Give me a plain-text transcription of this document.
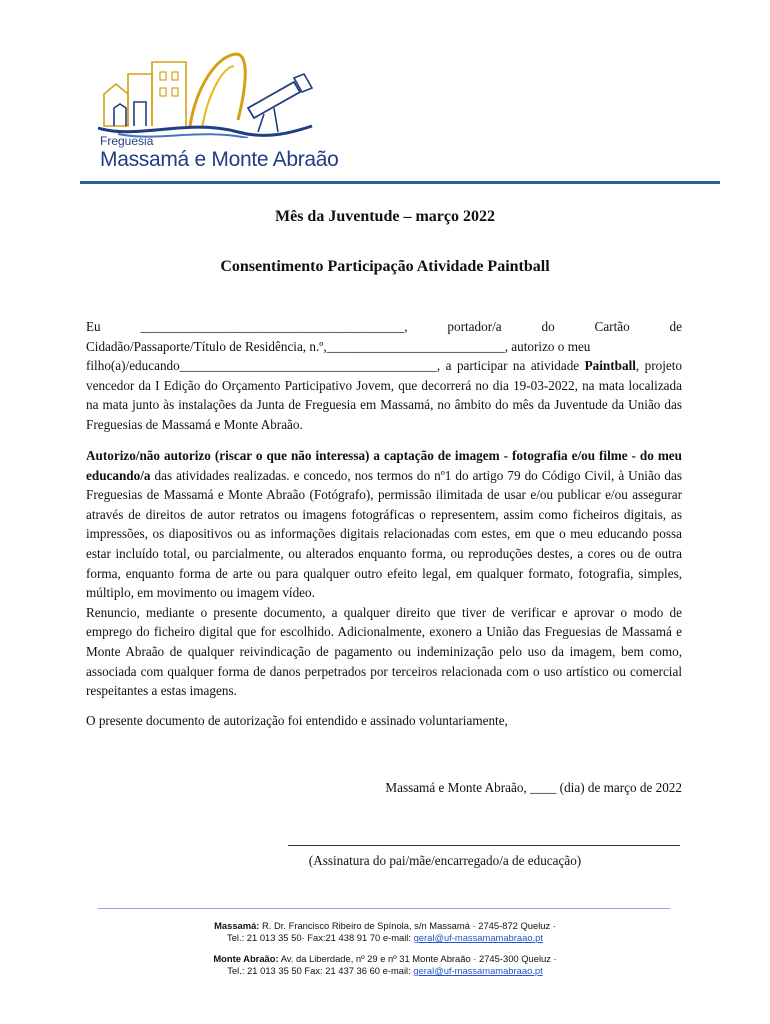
Freguesia
Massamá e Monte Abraão
Mês da Juventude – março 2022
Consentimento Participação Atividade Paintball
Eu	________________________________________,	portador/a	do	Cartão	de
Cidadão/Passaporte/Título de Residência, n.º,___________________________, autorizo o meu

filho(a)/educando_______________________________________, a participar na atividade Paintball, projeto vencedor da I Edição do Orçamento Participativo Jovem, que decorrerá no dia 19-03-2022, na mata localizada na mata junto às instalações da Junta de Freguesia em Massamá, no âmbito do mês da Juventude da União das Freguesias de Massamá e Monte Abraão.

Autorizo/não autorizo (riscar o que não interessa) a captação de imagem - fotografia e/ou filme - do meu educando/a das atividades realizadas. e concedo, nos termos do nº1 do artigo 79 do Código Civil, à União das Freguesias de Massamá e Monte Abraão (Fotógrafo), permissão ilimitada de usar e/ou publicar e/ou assegurar através de direitos de autor retratos ou imagens fotográficas o representem, assim como ficheiros digitais, as impressões, os diapositivos ou as informações digitais relacionadas com estes, em que o meu educando possa estar incluído total, ou parcialmente, ou alterados enquanto forma, ou reproduções destes, a cores ou de outra forma, enquanto forma de arte ou para qualquer outro efeito legal, em qualquer formato, fotografia, simples, múltiplo, em movimento ou imagem vídeo.

Renuncio, mediante o presente documento, a qualquer direito que tiver de verificar e aprovar o modo de emprego do ficheiro digital que for escolhido. Adicionalmente, exonero a União das Freguesias de Massamá e Monte Abraão de qualquer reivindicação de pagamento ou indeminização pelo uso da imagem, bem como, associada com qualquer forma de danos perpetrados por terceiros relacionada com o uso artístico ou comercial respeitantes a estas imagens.

O presente documento de autorização foi entendido e assinado voluntariamente,
Massamá e Monte Abraão, ____ (dia) de março de 2022
(Assinatura do pai/mãe/encarregado/a de educação)
Massamá: R. Dr. Francisco Ribeiro de Spínola, s/n Massamá · 2745-872 Queluz ·
Tel.: 21 013 35 50· Fax:21 438 91 70 e-mail: geral@uf-massamamabraao.pt
Monte Abraão: Av. da Liberdade, nº 29 e nº 31 Monte Abraão · 2745-300 Queluz ·
Tel.: 21 013 35 50 Fax: 21 437 36 60 e-mail: geral@uf-massamamabraao.pt
